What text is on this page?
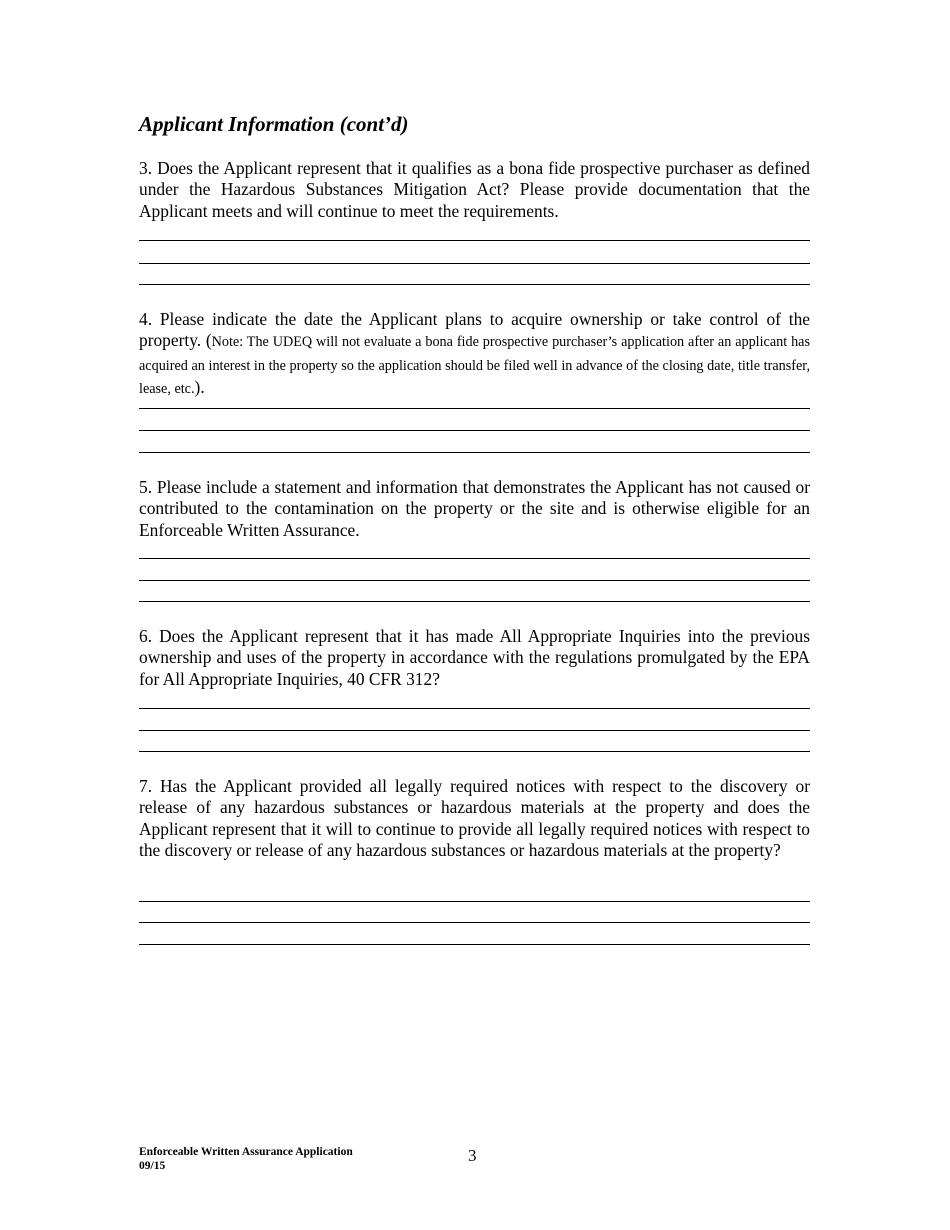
Applicant Information (cont’d)

3. Does the Applicant represent that it qualifies as a bona fide prospective purchaser as defined under the Hazardous Substances Mitigation Act? Please provide documentation that the Applicant meets and will continue to meet the requirements.

4. Please indicate the date the Applicant plans to acquire ownership or take control of the property. (Note: The UDEQ will not evaluate a bona fide prospective purchaser’s application after an applicant has acquired an interest in the property so the application should be filed well in advance of the closing date, title transfer, lease, etc.).

5. Please include a statement and information that demonstrates the Applicant has not caused or contributed to the contamination on the property or the site and is otherwise eligible for an Enforceable Written Assurance.

6. Does the Applicant represent that it has made All Appropriate Inquiries into the previous ownership and uses of the property in accordance with the regulations promulgated by the EPA for All Appropriate Inquiries, 40 CFR 312?

7. Has the Applicant provided all legally required notices with respect to the discovery or release of any hazardous substances or hazardous materials at the property and does the Applicant represent that it will to continue to provide all legally required notices with respect to the discovery or release of any hazardous substances or hazardous materials at the property?

Enforceable Written Assurance Application
09/15
3
